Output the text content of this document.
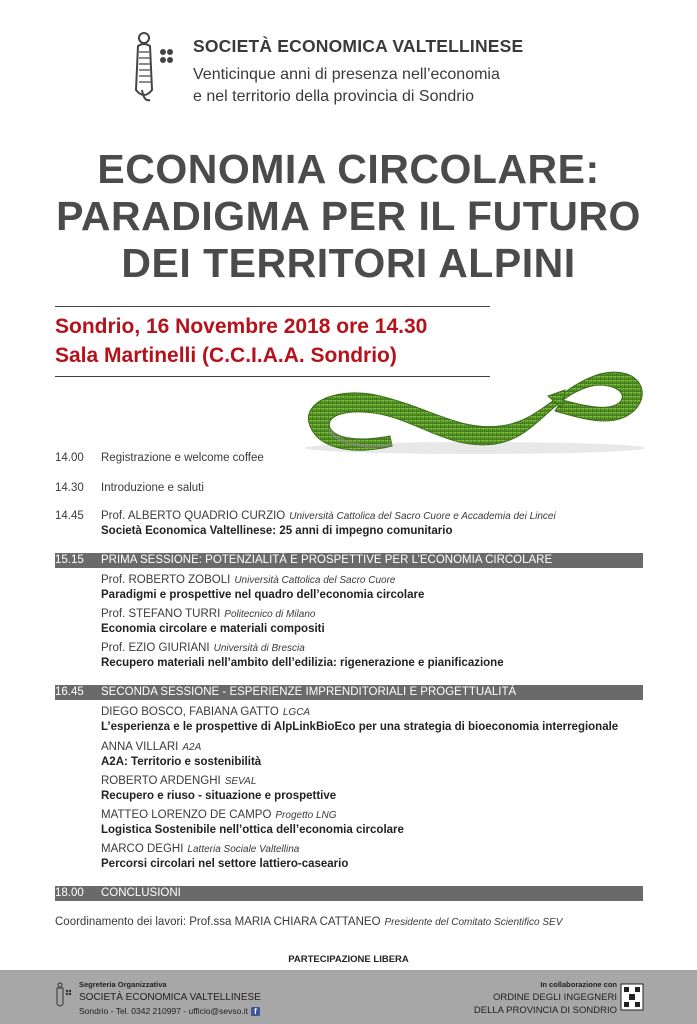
SOCIETÀ ECONOMICA VALTELLINESE
Venticinque anni di presenza nell’economia
e nel territorio della provincia di Sondrio
ECONOMIA CIRCOLARE:
PARADIGMA PER IL FUTURO
DEI TERRITORI ALPINI
Sondrio, 16 Novembre 2018 ore 14.30
Sala Martinelli (C.C.I.A.A. Sondrio)
14.00 Registrazione e welcome coffee
14.30 Introduzione e saluti
14.45 Prof. ALBERTO QUADRIO CURZIO Università Cattolica del Sacro Cuore e Accademia dei Lincei
Società Economica Valtellinese: 25 anni di impegno comunitario
15.15 PRIMA SESSIONE: POTENZIALITÀ E PROSPETTIVE PER L’ECONOMIA CIRCOLARE
Prof. ROBERTO ZOBOLI Università Cattolica del Sacro Cuore
Paradigmi e prospettive nel quadro dell’economia circolare
Prof. STEFANO TURRI Politecnico di Milano
Economia circolare e materiali compositi
Prof. EZIO GIURIANI Università di Brescia
Recupero materiali nell’ambito dell’edilizia: rigenerazione e pianificazione
16.45 SECONDA SESSIONE - ESPERIENZE IMPRENDITORIALI E PROGETTUALITÀ
DIEGO BOSCO, FABIANA GATTO LGCA
L’esperienza e le prospettive di AlpLinkBioEco per una strategia di bioeconomia interregionale
ANNA VILLARI A2A
A2A: Territorio e sostenibilità
ROBERTO ARDENGHI SEVAL
Recupero e riuso - situazione e prospettive
MATTEO LORENZO DE CAMPO Progetto LNG
Logistica Sostenibile nell’ottica dell’economia circolare
MARCO DEGHI Latteria Sociale Valtellina
Percorsi circolari nel settore lattiero-caseario
18.00 CONCLUSIONI
Coordinamento dei lavori: Prof.ssa MARIA CHIARA CATTANEO Presidente del Comitato Scientifico SEV
PARTECIPAZIONE LIBERA
Segreteria Organizzativa
SOCIETÀ ECONOMICA VALTELLINESE
Sondrio - Tel. 0342 210997 - ufficio@sevso.it f
In collaborazione con
ORDINE DEGLI INGEGNERI
DELLA PROVINCIA DI SONDRIO
